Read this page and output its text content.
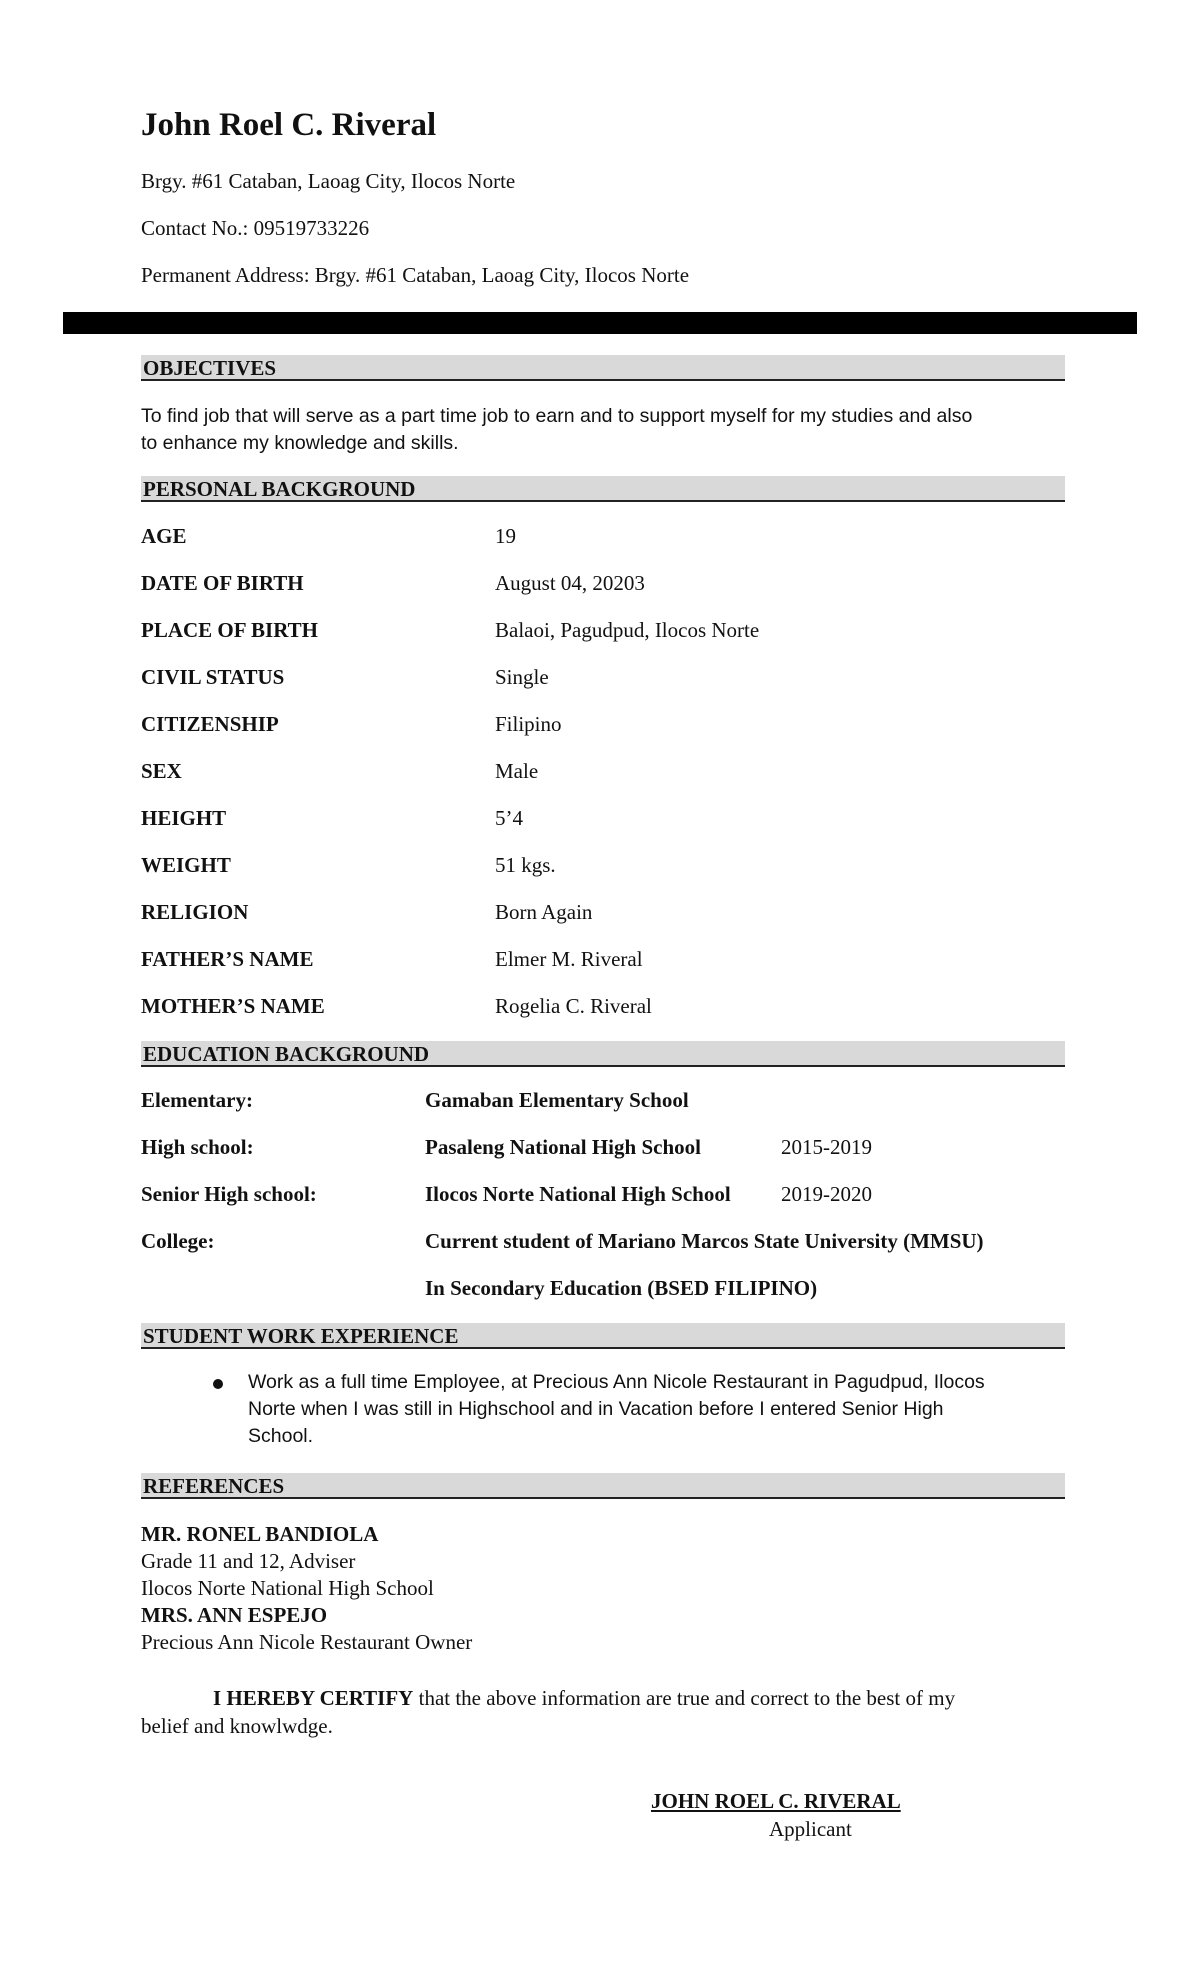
John Roel C. Riveral
Brgy. #61 Cataban, Laoag City, Ilocos Norte
Contact No.: 09519733226
Permanent Address: Brgy. #61 Cataban, Laoag City, Ilocos Norte
OBJECTIVES
To find job that will serve as a part time job to earn and to support myself for my studies and also
to enhance my knowledge and skills.
PERSONAL BACKGROUND
AGE	19
DATE OF BIRTH	August 04, 20203
PLACE OF BIRTH	Balaoi, Pagudpud, Ilocos Norte
CIVIL STATUS	Single
CITIZENSHIP	Filipino
SEX	Male
HEIGHT	5’4
WEIGHT	51 kgs.
RELIGION	Born Again
FATHER’S NAME	Elmer M. Riveral
MOTHER’S NAME	Rogelia C. Riveral
EDUCATION BACKGROUND
Elementary:	Gamaban Elementary School
High school:	Pasaleng National High School	2015-2019
Senior High school:	Ilocos Norte National High School 2019-2020
College:	Current student of Mariano Marcos State University (MMSU)
In Secondary Education (BSED FILIPINO)
STUDENT WORK EXPERIENCE
Work as a full time Employee, at Precious Ann Nicole Restaurant in Pagudpud, Ilocos
Norte when I was still in Highschool and in Vacation before I entered Senior High
School.
REFERENCES
MR. RONEL BANDIOLA
Grade 11 and 12, Adviser
Ilocos Norte National High School
MRS. ANN ESPEJO
Precious Ann Nicole Restaurant Owner
I HEREBY CERTIFY that the above information are true and correct to the best of my
belief and knowlwdge.
JOHN ROEL C. RIVERAL
Applicant
